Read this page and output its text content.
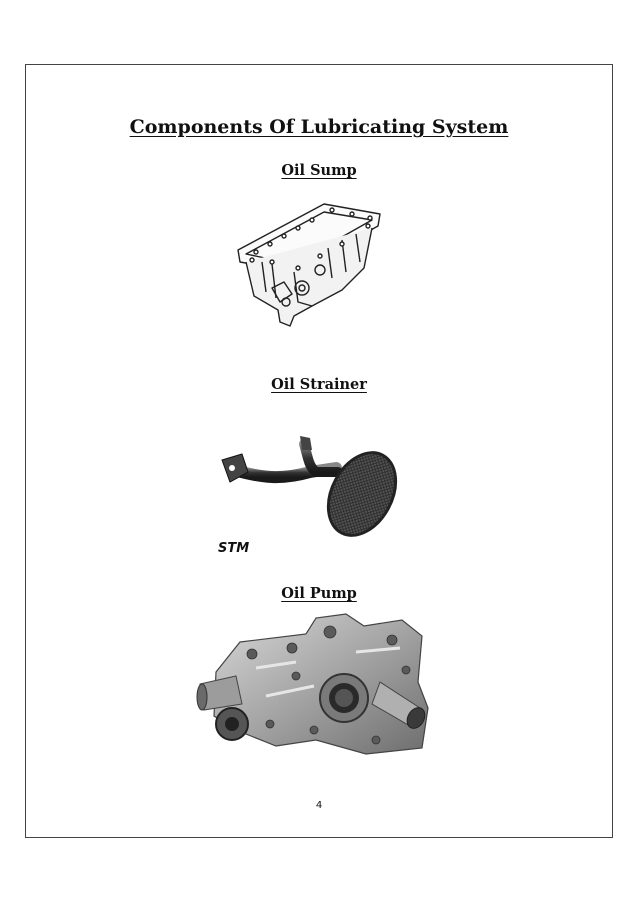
Components Of Lubricating System
Oil Sump
Oil Strainer
STM
Oil Pump
4
